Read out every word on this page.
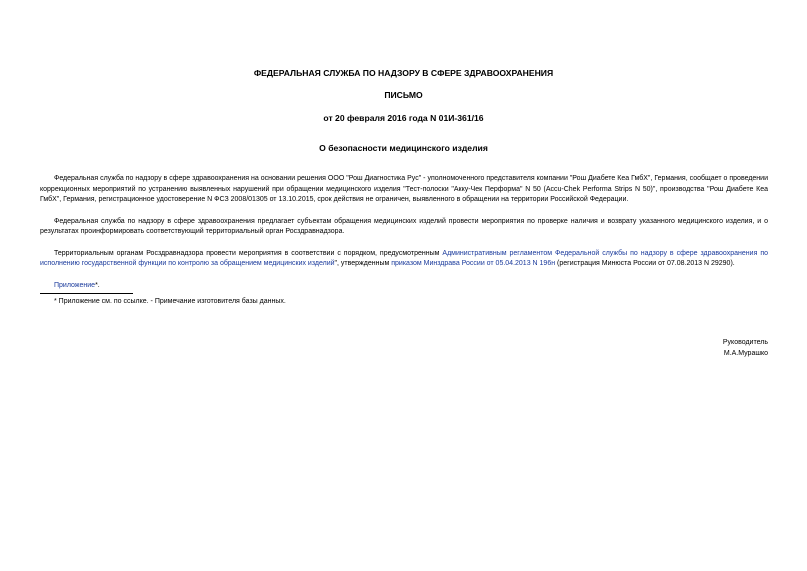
ФЕДЕРАЛЬНАЯ СЛУЖБА ПО НАДЗОРУ В СФЕРЕ ЗДРАВООХРАНЕНИЯ
ПИСЬМО
от 20 февраля 2016 года N 01И-361/16
О безопасности медицинского изделия

Федеральная служба по надзору в сфере здравоохранения на основании решения ООО "Рош Диагностика Рус" - уполномоченного представителя компании "Рош Диабете Кеа ГмбХ", Германия, сообщает о проведении коррекционных мероприятий по устранению выявленных нарушений при обращении медицинского изделия "Тест-полоски "Акку-Чек Перформа" N 50 (Accu-Chek Performa Strips N 50)", производства "Рош Диабете Кеа ГмбХ", Германия, регистрационное удостоверение N ФСЗ 2008/01305 от 13.10.2015, срок действия не ограничен, выявленного в обращении на территории Российской Федерации.

Федеральная служба по надзору в сфере здравоохранения предлагает субъектам обращения медицинских изделий провести мероприятия по проверке наличия и возврату указанного медицинского изделия, и о результатах проинформировать соответствующий территориальный орган Росздравнадзора.

Территориальным органам Росздравнадзора провести мероприятия в соответствии с порядком, предусмотренным Административным регламентом Федеральной службы по надзору в сфере здравоохранения по исполнению государственной функции по контролю за обращением медицинских изделий", утвержденным приказом Минздрава России от 05.04.2013 N 196н (регистрация Минюста России от 07.08.2013 N 29290).

Приложение*.

* Приложение см. по ссылке. - Примечание изготовителя базы данных.
Руководитель
М.А.Мурашко
